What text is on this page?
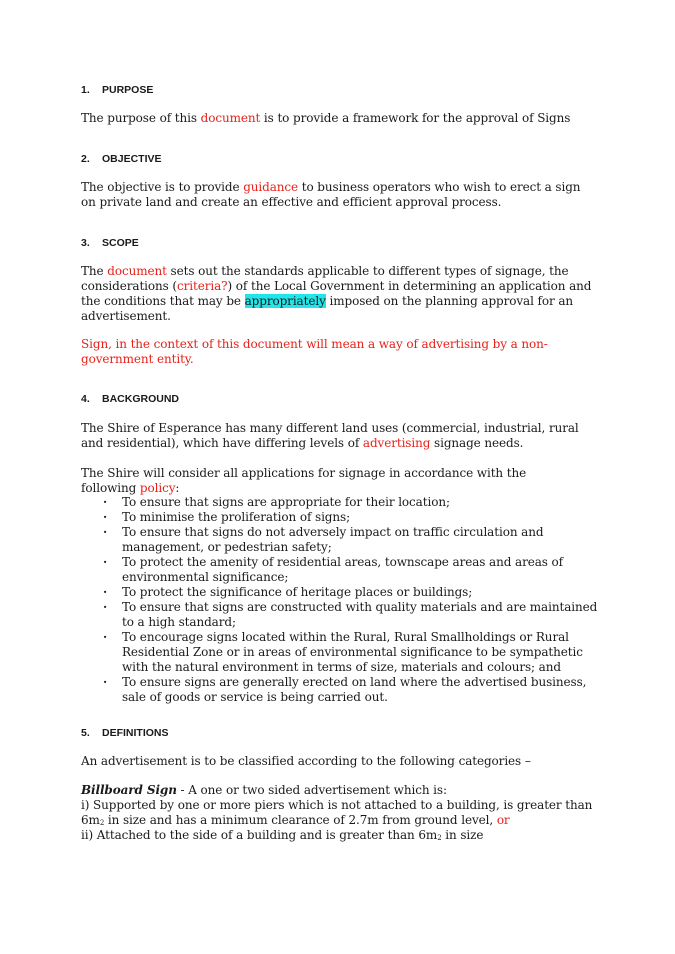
1. PURPOSE
The purpose of this document is to provide a framework for the approval of Signs
2. OBJECTIVE
The objective is to provide guidance to business operators who wish to erect a sign on private land and create an effective and efficient approval process.
3. SCOPE
The document sets out the standards applicable to different types of signage, the considerations (criteria?) of the Local Government in determining an application and the conditions that may be appropriately imposed on the planning approval for an advertisement.
Sign, in the context of this document will mean a way of advertising by a non-government entity.
4. BACKGROUND
The Shire of Esperance has many different land uses (commercial, industrial, rural and residential), which have differing levels of advertising signage needs.
The Shire will consider all applications for signage in accordance with the following policy:
· To ensure that signs are appropriate for their location;
· To minimise the proliferation of signs;
· To ensure that signs do not adversely impact on traffic circulation and management, or pedestrian safety;
· To protect the amenity of residential areas, townscape areas and areas of environmental significance;
· To protect the significance of heritage places or buildings;
· To ensure that signs are constructed with quality materials and are maintained to a high standard;
· To encourage signs located within the Rural, Rural Smallholdings or Rural Residential Zone or in areas of environmental significance to be sympathetic with the natural environment in terms of size, materials and colours; and
· To ensure signs are generally erected on land where the advertised business, sale of goods or service is being carried out.
5. DEFINITIONS
An advertisement is to be classified according to the following categories –
Billboard Sign - A one or two sided advertisement which is:
i) Supported by one or more piers which is not attached to a building, is greater than 6m2 in size and has a minimum clearance of 2.7m from ground level, or
ii) Attached to the side of a building and is greater than 6m2 in size
